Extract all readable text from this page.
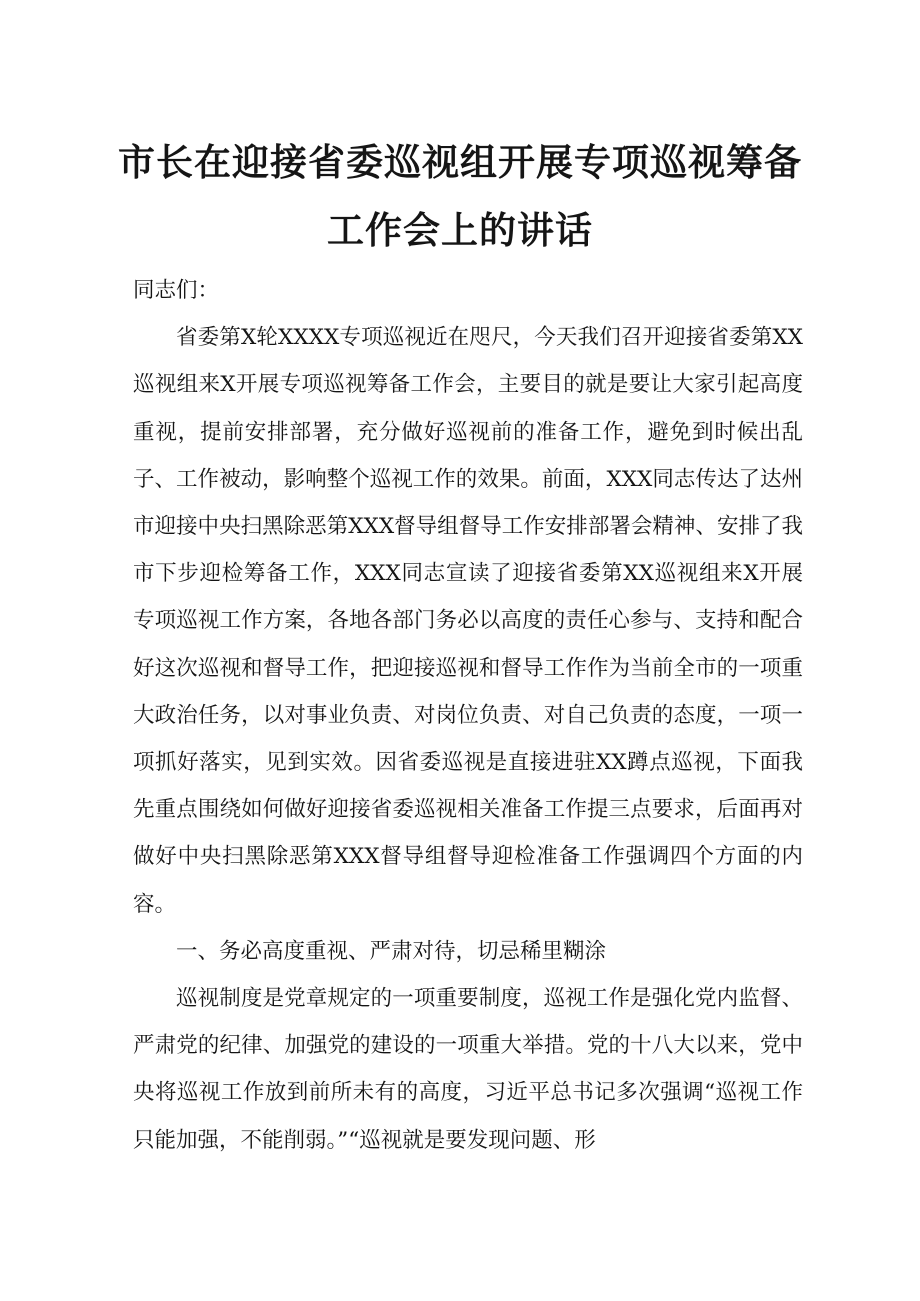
市长在迎接省委巡视组开展专项巡视筹备
工作会上的讲话

同志们：

省委第X轮XXXX专项巡视近在咫尺，今天我们召开迎接省委第XX巡视组来X开展专项巡视筹备工作会，主要目的就是要让大家引起高度重视，提前安排部署，充分做好巡视前的准备工作，避免到时候出乱子、工作被动，影响整个巡视工作的效果。前面，XXX同志传达了达州市迎接中央扫黑除恶第XXX督导组督导工作安排部署会精神、安排了我市下步迎检筹备工作，XXX同志宣读了迎接省委第XX巡视组来X开展专项巡视工作方案，各地各部门务必以高度的责任心参与、支持和配合好这次巡视和督导工作，把迎接巡视和督导工作作为当前全市的一项重大政治任务，以对事业负责、对岗位负责、对自己负责的态度，一项一项抓好落实，见到实效。因省委巡视是直接进驻XX蹲点巡视，下面我先重点围绕如何做好迎接省委巡视相关准备工作提三点要求，后面再对做好中央扫黑除恶第XXX督导组督导迎检准备工作强调四个方面的内容。

一、务必高度重视、严肃对待，切忌稀里糊涂

巡视制度是党章规定的一项重要制度，巡视工作是强化党内监督、严肃党的纪律、加强党的建设的一项重大举措。党的十八大以来，党中央将巡视工作放到前所未有的高度，习近平总书记多次强调“巡视工作只能加强，不能削弱。”“巡视就是要发现问题、形
